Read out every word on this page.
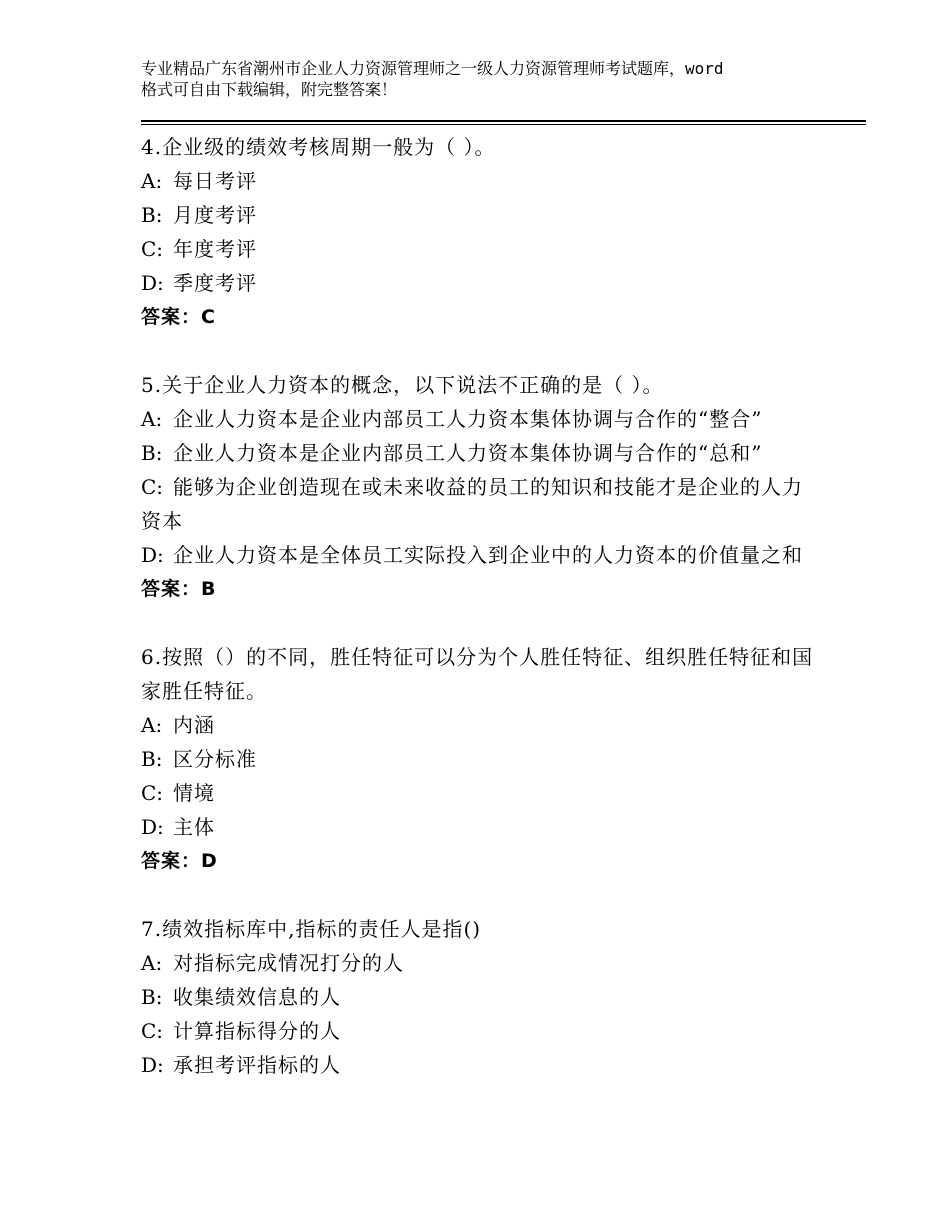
专业精品广东省潮州市企业人力资源管理师之一级人力资源管理师考试题库，word
格式可自由下载编辑，附完整答案！

4.企业级的绩效考核周期一般为（ ）。

A: 每日考评

B: 月度考评

C: 年度考评

D: 季度考评

答案：C

5.关于企业人力资本的概念，以下说法不正确的是（ ）。

A: 企业人力资本是企业内部员工人力资本集体协调与合作的“整合”

B: 企业人力资本是企业内部员工人力资本集体协调与合作的“总和”

C: 能够为企业创造现在或未来收益的员工的知识和技能才是企业的人力资本

D: 企业人力资本是全体员工实际投入到企业中的人力资本的价值量之和

答案：B

6.按照（）的不同，胜任特征可以分为个人胜任特征、组织胜任特征和国家胜任特征。

A: 内涵

B: 区分标准

C: 情境

D: 主体

答案：D

7.绩效指标库中,指标的责任人是指()

A: 对指标完成情况打分的人

B: 收集绩效信息的人

C: 计算指标得分的人

D: 承担考评指标的人
